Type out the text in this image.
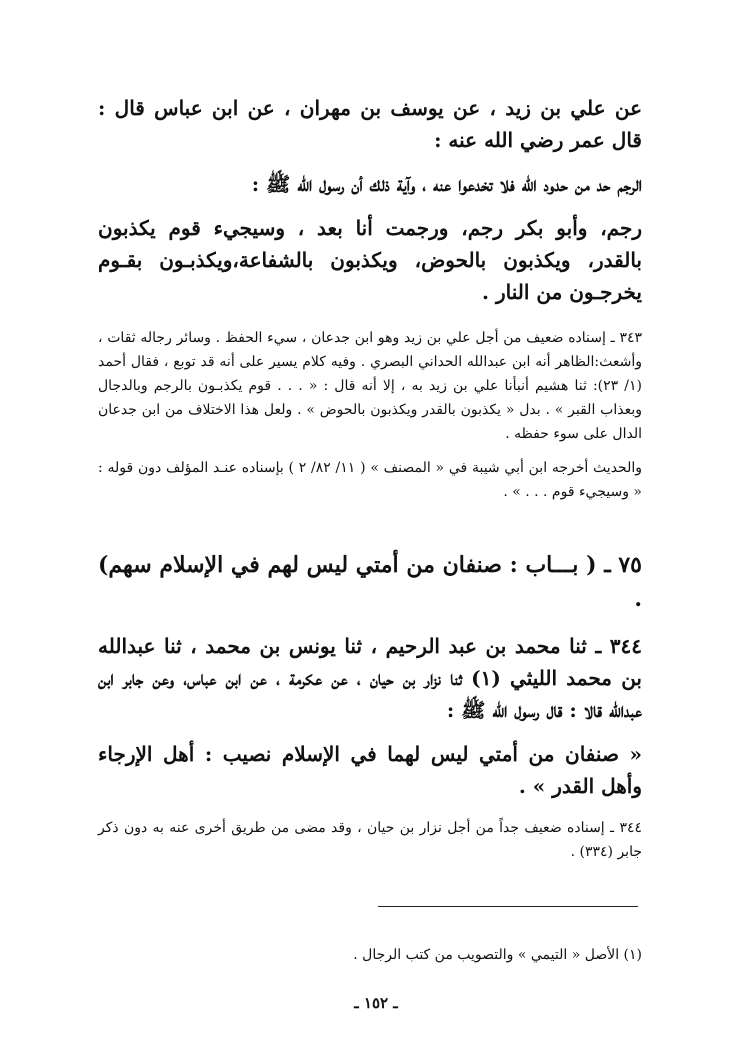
عن علي بن زيد ، عن يوسف بن مهران ، عن ابن عباس قال : قال عمر رضي الله عنه :

الرجم حد من حدود الله فلا تخدعوا عنه ، وآية ذلك أن رسول الله ﷺ :

رجم، وأبو بكر رجم، ورجمت أنا بعد ، وسيجيء قوم يكذبون بالقدر، ويكذبون بالحوض، ويكذبون بالشفاعة،ويكذبـون بقـوم يخرجـون من النار .

٣٤٣ ـ إسناده ضعيف من أجل علي بن زيد وهو ابن جدعان ، سيء الحفظ . وسائر رجاله ثقات ، وأشعث:الظاهر أنه ابن عبدالله الحداني البصري . وفيه كلام يسير على أنه قد توبع ، فقال أحمد (١/ ٢٣): ثنا هشيم أنبأنا علي بن زيد به ، إلا أنه قال : « . . . قوم يكذبـون بالرجم وبالدجال وبعذاب القبر » . بدل « يكذبون بالقدر ويكذبون بالحوض » . ولعل هذا الاختلاف من ابن جدعان الدال على سوء حفظه .

والحديث أخرجه ابن أبي شيبة في « المصنف » ( ١١/ ٨٢/ ٢ ) بإسناده عنـد المؤلف دون قوله : « وسيجيء قوم . . . » .

٧٥ ـ ( بـــاب : صنفان من أمتي ليس لهم في الإسلام سهم) .

٣٤٤ ـ ثنا محمد بن عبد الرحيم ، ثنا يونس بن محمد ، ثنا عبدالله بن محمد الليثي (١) ثنا نزار بن حيان ، عن عكرمة ، عن ابن عباس، وعن جابر ابن عبدالله قالا : قال رسول الله ﷺ :

« صنفان من أمتي ليس لهما في الإسلام نصيب : أهل الإرجاء وأهل القدر » .

٣٤٤ ـ إسناده ضعيف جداً من أجل نزار بن حيان ، وقد مضى من طريق أخرى عنه به دون ذكر جابر (٣٣٤) .

(١) الأصل « التيمي » والتصويب من كتب الرجال .

ـ ١٥٢ ـ
